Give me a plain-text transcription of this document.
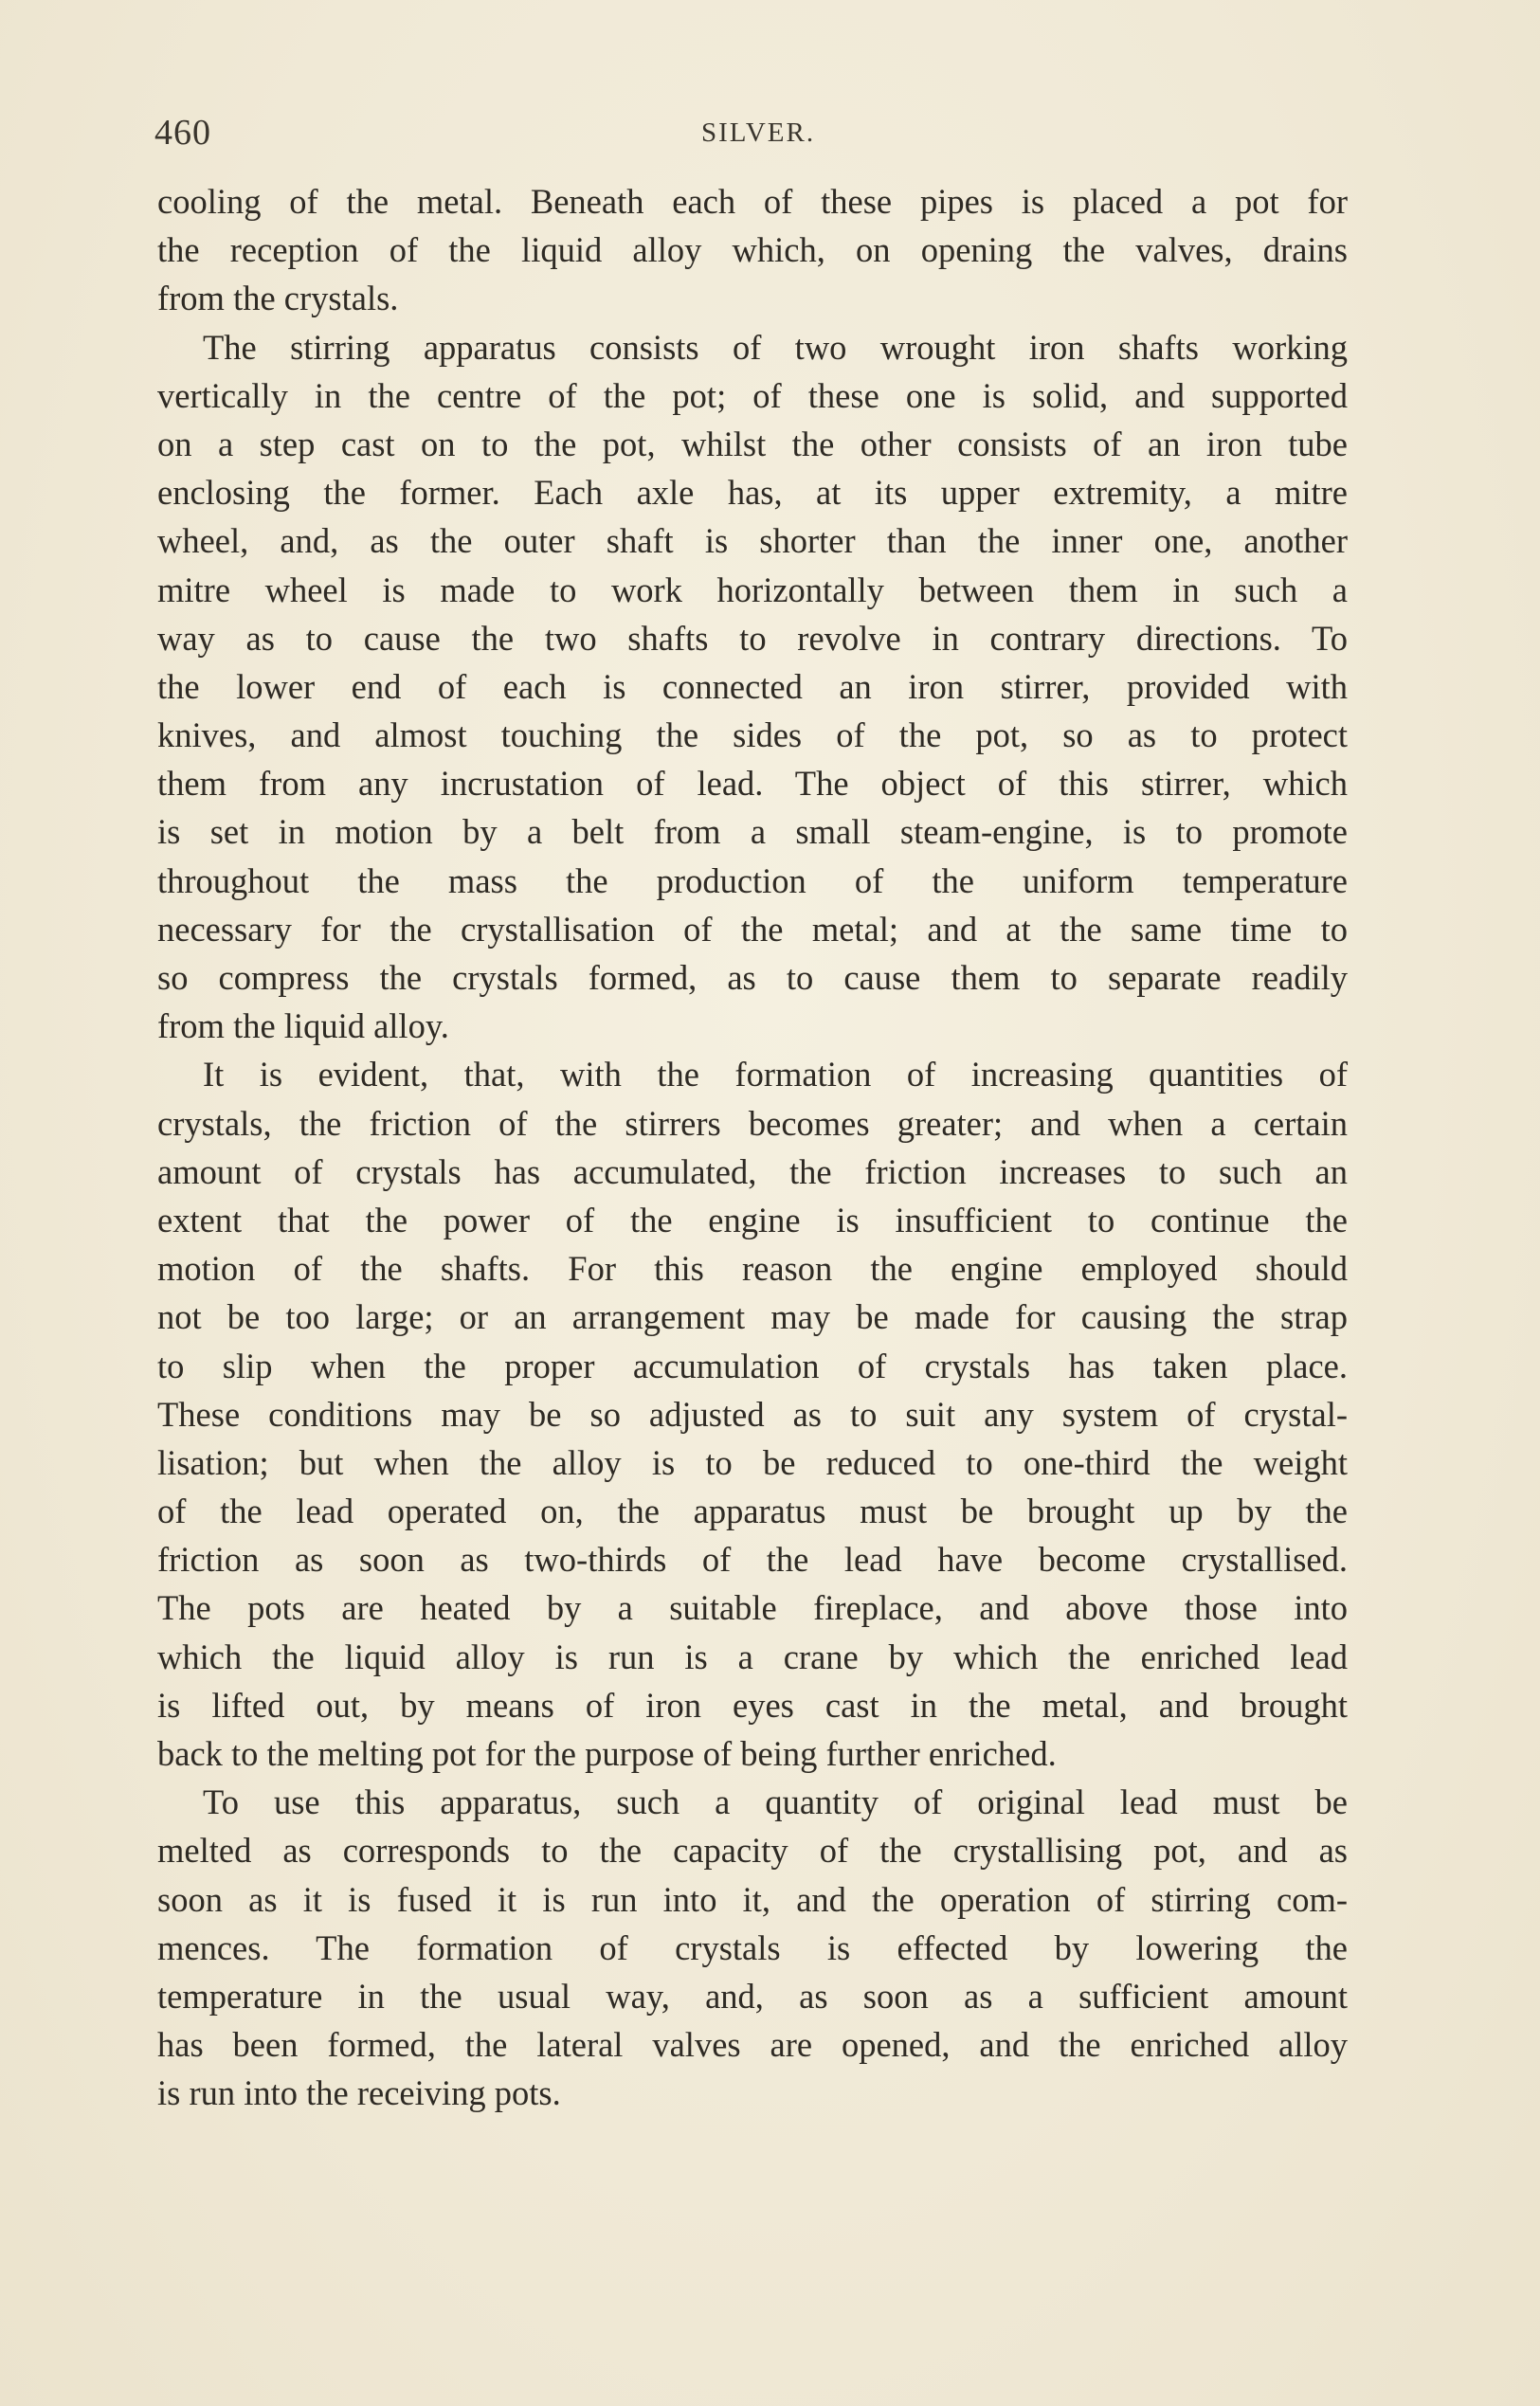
460	SILVER.
cooling of the metal. Beneath each of these pipes is placed a pot for
the reception of the liquid alloy which, on opening the valves, drains
from the crystals.
The stirring apparatus consists of two wrought iron shafts working
vertically in the centre of the pot; of these one is solid, and supported
on a step cast on to the pot, whilst the other consists of an iron tube
enclosing the former. Each axle has, at its upper extremity, a mitre
wheel, and, as the outer shaft is shorter than the inner one, another
mitre wheel is made to work horizontally between them in such a
way as to cause the two shafts to revolve in contrary directions. To
the lower end of each is connected an iron stirrer, provided with
knives, and almost touching the sides of the pot, so as to protect
them from any incrustation of lead. The object of this stirrer, which
is set in motion by a belt from a small steam-engine, is to promote
throughout the mass the production of the uniform temperature
necessary for the crystallisation of the metal; and at the same time to
so compress the crystals formed, as to cause them to separate readily
from the liquid alloy.
It is evident, that, with the formation of increasing quantities of
crystals, the friction of the stirrers becomes greater; and when a certain
amount of crystals has accumulated, the friction increases to such an
extent that the power of the engine is insufficient to continue the
motion of the shafts. For this reason the engine employed should
not be too large; or an arrangement may be made for causing the strap
to slip when the proper accumulation of crystals has taken place.
These conditions may be so adjusted as to suit any system of crystal-
lisation; but when the alloy is to be reduced to one-third the weight
of the lead operated on, the apparatus must be brought up by the
friction as soon as two-thirds of the lead have become crystallised.
The pots are heated by a suitable fireplace, and above those into
which the liquid alloy is run is a crane by which the enriched lead
is lifted out, by means of iron eyes cast in the metal, and brought
back to the melting pot for the purpose of being further enriched.
To use this apparatus, such a quantity of original lead must be
melted as corresponds to the capacity of the crystallising pot, and as
soon as it is fused it is run into it, and the operation of stirring com-
mences. The formation of crystals is effected by lowering the
temperature in the usual way, and, as soon as a sufficient amount
has been formed, the lateral valves are opened, and the enriched alloy
is run into the receiving pots.
